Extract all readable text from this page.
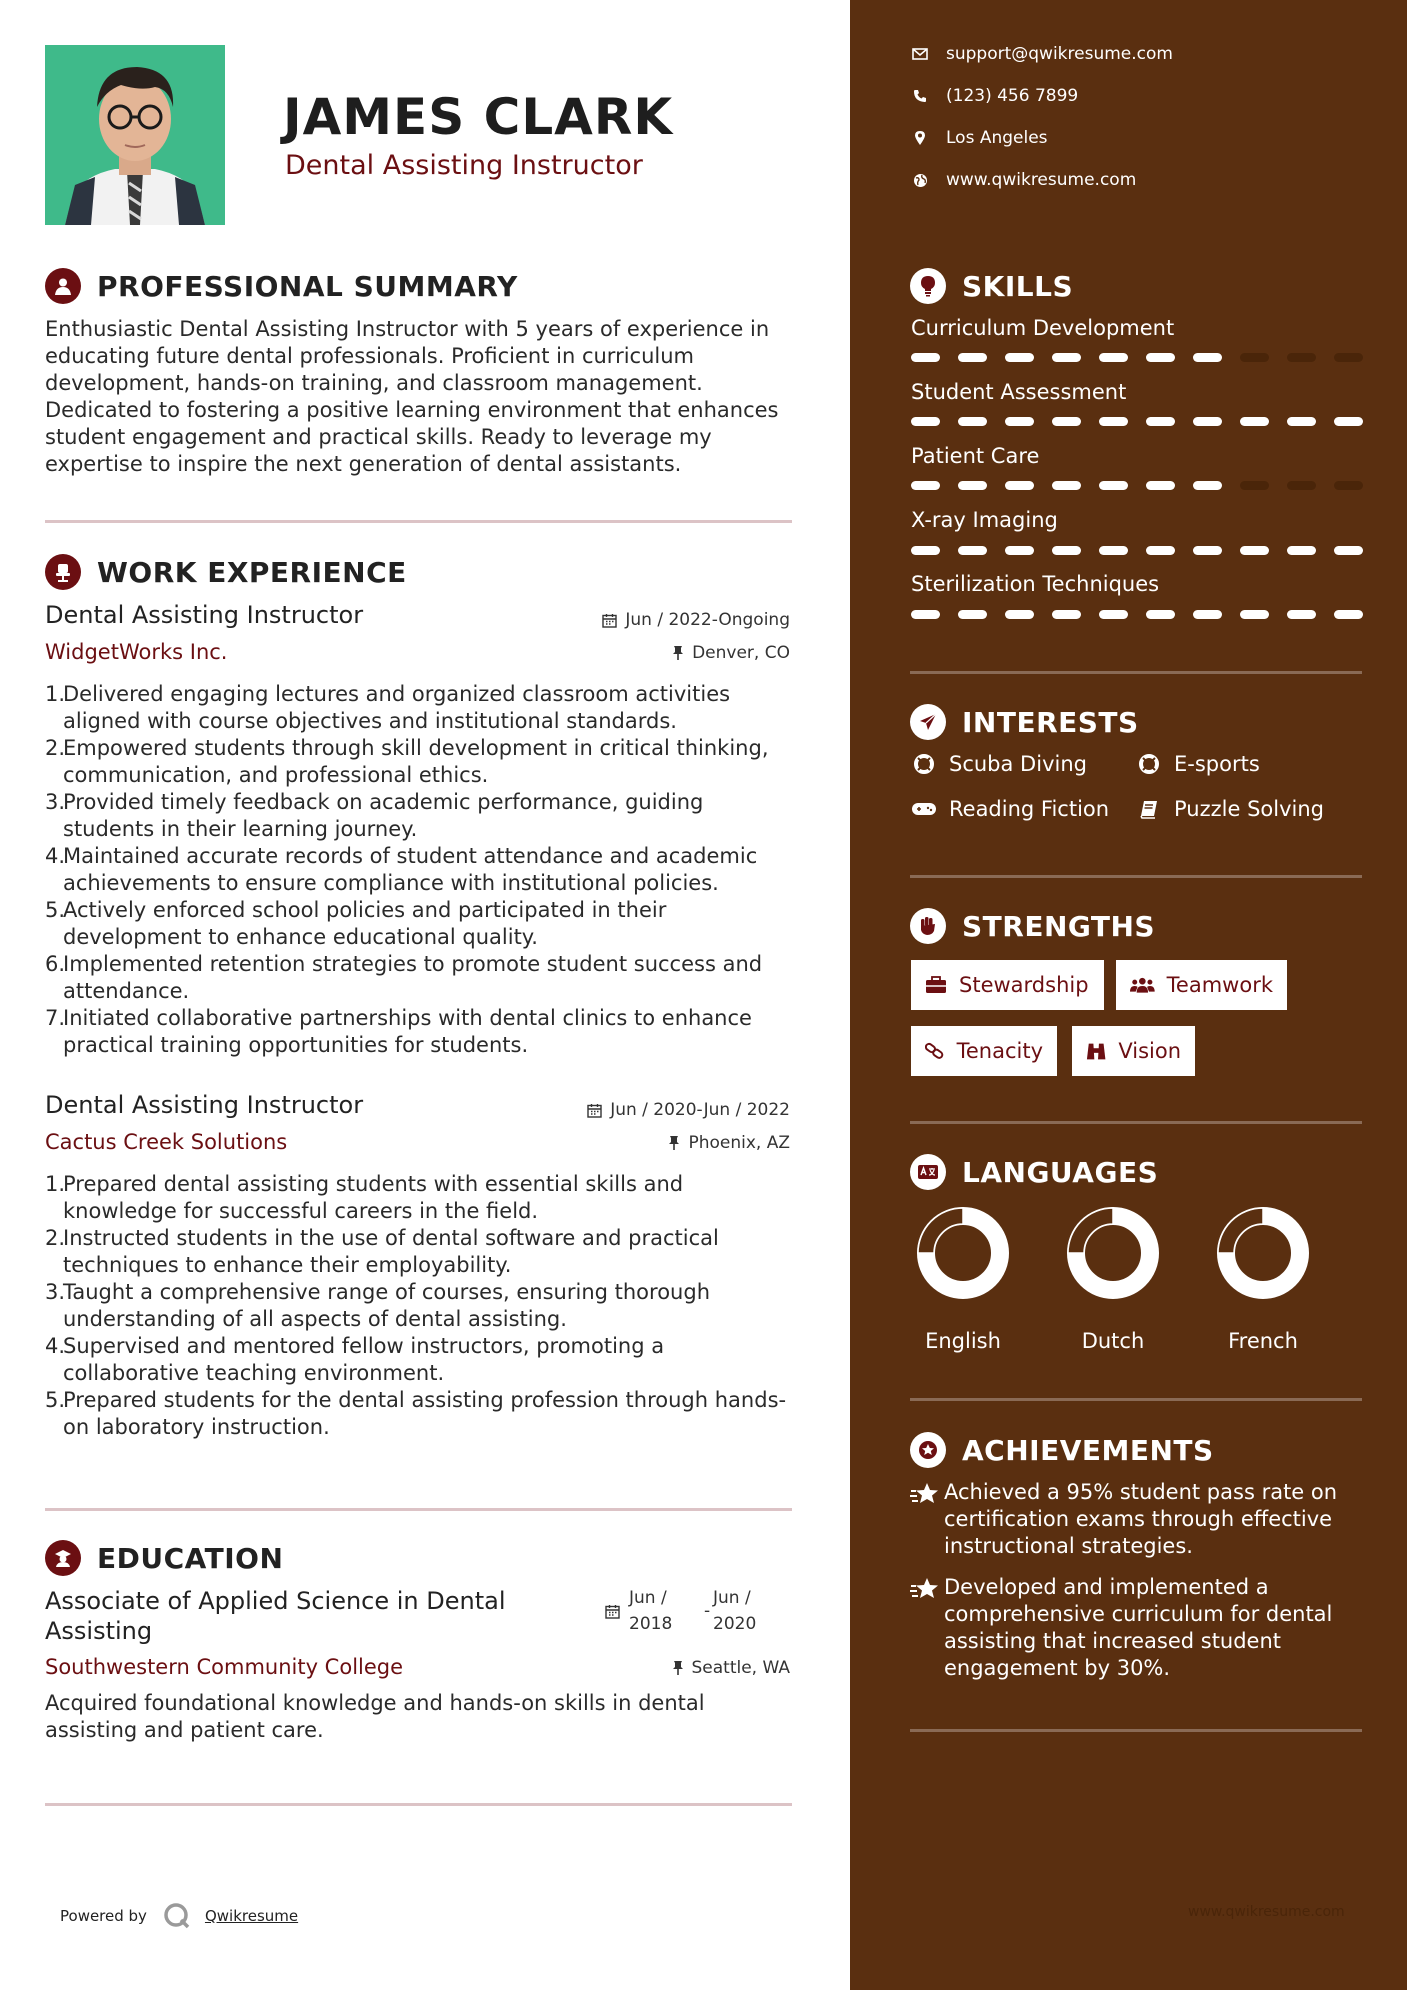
JAMES CLARK
Dental Assisting Instructor
PROFESSIONAL SUMMARY
Enthusiastic Dental Assisting Instructor with 5 years of experience in
educating future dental professionals. Proficient in curriculum
development, hands-on training, and classroom management.
Dedicated to fostering a positive learning environment that enhances
student engagement and practical skills. Ready to leverage my
expertise to inspire the next generation of dental assistants.
WORK EXPERIENCE
Dental Assisting Instructor	Jun / 2022-Ongoing
WidgetWorks Inc.	Denver, CO
1.
Delivered engaging lectures and organized classroom activities
aligned with course objectives and institutional standards.
2.
Empowered students through skill development in critical thinking,
communication, and professional ethics.
3.
Provided timely feedback on academic performance, guiding
students in their learning journey.
4.
Maintained accurate records of student attendance and academic
achievements to ensure compliance with institutional policies.
5.
Actively enforced school policies and participated in their
development to enhance educational quality.
6.
Implemented retention strategies to promote student success and
attendance.
7.
Initiated collaborative partnerships with dental clinics to enhance
practical training opportunities for students.
Dental Assisting Instructor	Jun / 2020-Jun / 2022
Cactus Creek Solutions	Phoenix, AZ
1.
Prepared dental assisting students with essential skills and
knowledge for successful careers in the field.
2.
Instructed students in the use of dental software and practical
techniques to enhance their employability.
3.
Taught a comprehensive range of courses, ensuring thorough
understanding of all aspects of dental assisting.
4.
Supervised and mentored fellow instructors, promoting a
collaborative teaching environment.
5.
Prepared students for the dental assisting profession through hands-
on laboratory instruction.
EDUCATION
Associate of Applied Science in Dental
Assisting
Jun /
2018
-
Jun /
2020
Southwestern Community College	Seattle, WA
Acquired foundational knowledge and hands-on skills in dental
assisting and patient care.
Powered by	Qwikresume
support@qwikresume.com
(123) 456 7899
Los Angeles
www.qwikresume.com
SKILLS
Curriculum Development
Student Assessment
Patient Care
X-ray Imaging
Sterilization Techniques
INTERESTS
Scuba Diving	E-sports
Reading Fiction	Puzzle Solving
STRENGTHS
Stewardship	Teamwork
Tenacity	Vision
LANGUAGES
English	Dutch	French
ACHIEVEMENTS
Achieved a 95% student pass rate on
certification exams through effective
instructional strategies.
Developed and implemented a
comprehensive curriculum for dental
assisting that increased student
engagement by 30%.
www.qwikresume.com
